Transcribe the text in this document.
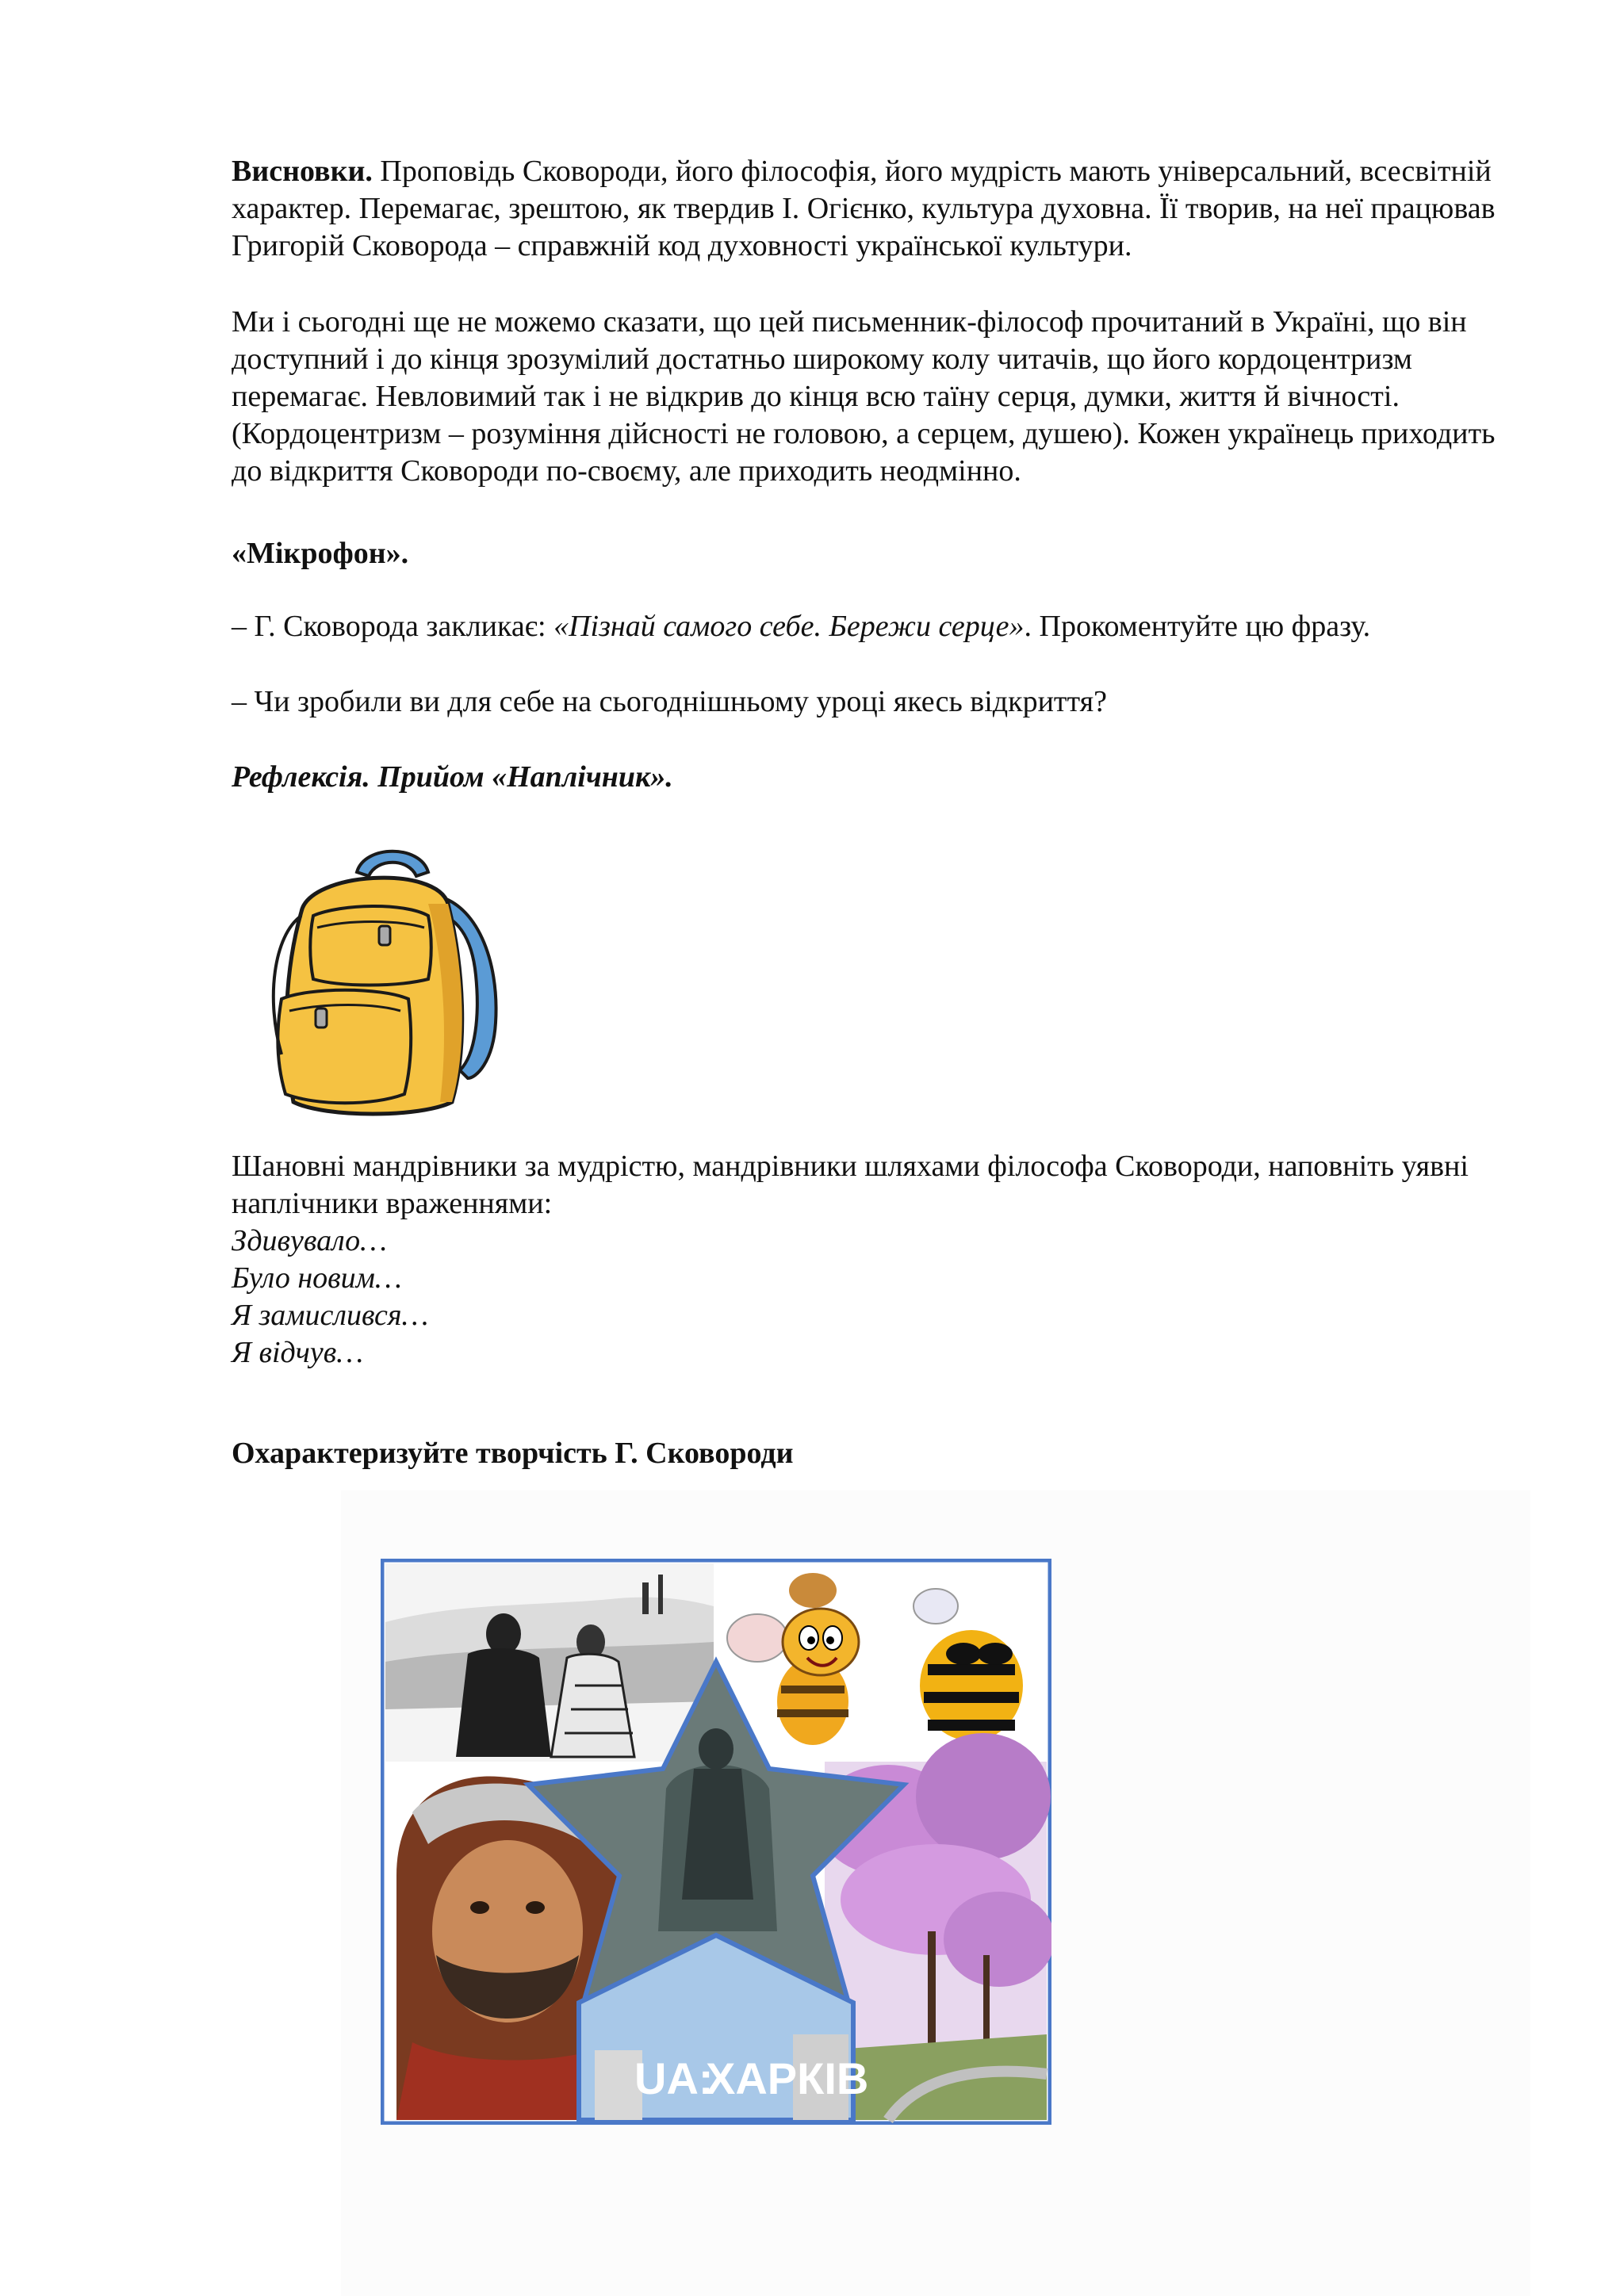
Висновки. Проповідь Сковороди, його філософія, його мудрість мають універсальний, всесвітній характер. Перемагає, зрештою, як твердив І. Огієнко, культура духовна. Її творив, на неї працював Григорій Сковорода – справжній код духовності української культури.

Ми і сьогодні ще не можемо сказати, що цей письменник-філософ прочитаний в Україні, що він доступний і до кінця зрозумілий достатньо широкому колу читачів, що його кордоцентризм перемагає. Невловимий так і не відкрив до кінця всю таїну серця, думки, життя й вічності. (Кордоцентризм – розуміння дійсності не головою, а серцем, душею). Кожен українець приходить до відкриття Сковороди по-своєму, але приходить неодмінно.

«Мікрофон».

– Г. Сковорода закликає: «Пізнай самого себе. Бережи серце». Прокоментуйте цю фразу.

– Чи зробили ви для себе на сьогоднішньому уроці якесь відкриття?

Рефлексія. Прийом «Наплічник».

Шановні мандрівники за мудрістю, мандрівники шляхами філософа Сковороди, наповніть уявні наплічники враженнями:

Здивувало…

Було новим…

Я замислився…

Я відчув…

Охарактеризуйте творчість Г. Сковороди

UA:
ХАРКІВ
